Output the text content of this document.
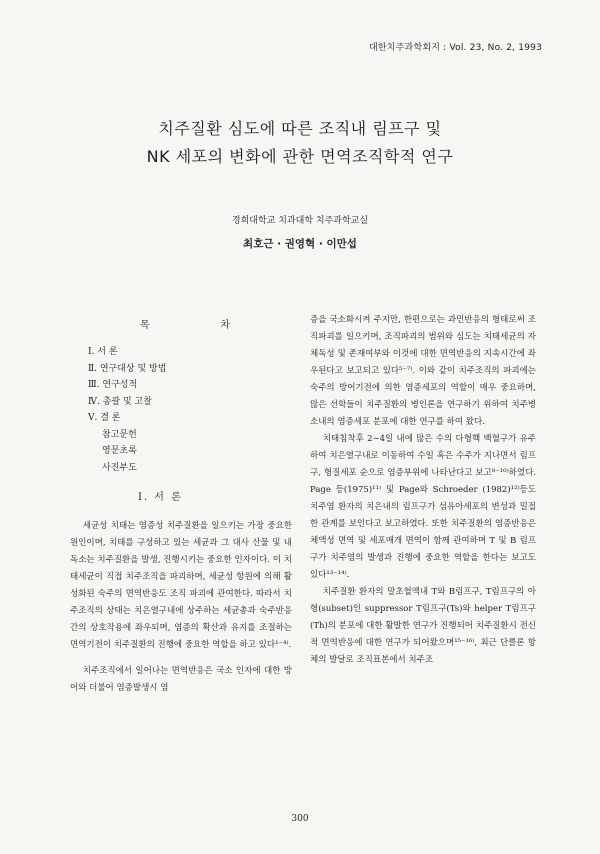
대한치주과학회지 : Vol. 23, No. 2, 1993
치주질환 심도에 따른 조직내 림프구 및
NK 세포의 변화에 관한 면역조직학적 연구
경희대학교 치과대학 치주과학교실
최호근 · 권영혁 · 이만섭
목	차
Ⅰ. 서 론
Ⅱ. 연구대상 및 방법
Ⅲ. 연구성적
Ⅳ. 총괄 및 고찰
Ⅴ. 결 론
참고문헌
영문초록
사진부도
Ⅰ. 서 론

세균성 치태는 염증성 치주질환을 일으키는 가장 중요한 원인이며, 치태를 구성하고 있는 세균과 그 대사 산물 및 내독소는 치주질환을 발생, 진행시키는 중요한 인자이다. 이 치태세균이 직접 치주조직을 파괴하며, 세균성 항원에 의해 활성화된 숙주의 면역반응도 조직 파괴에 관여한다. 따라서 치주조직의 상태는 치은열구내에 상주하는 세균총과 숙주반응간의 상호작용에 좌우되며, 염증의 확산과 유지를 조절하는 면역기전이 치주질환의 진행에 중요한 역할을 하고 있다¹⁻⁴⁾.

치주조직에서 일어나는 면역반응은 국소 인자에 대한 방어와 더불어 염증발생시 염

증을 국소화시켜 주지만, 한편으로는 과민반응의 형태로써 조직파괴를 일으키며, 조직파괴의 범위와 심도는 치태세균의 자체독성 및 존재여부와 이것에 대한 면역반응의 지속시간에 좌우된다고 보고되고 있다⁵⁻⁷⁾. 이와 같이 치주조직의 파괴에는 숙주의 방어기전에 의한 염증세포의 역할이 매우 중요하며, 많은 선학들이 치주질환의 병인론을 연구하기 위하여 치주병소내의 염증세포 분포에 대한 연구를 하여 왔다.

치태침착후 2∼4일 내에 많은 수의 다형핵 백혈구가 유주하여 치은열구내로 이동하여 수일 혹은 수주가 지나면서 림프구, 형질세포 순으로 염증부위에 나타난다고 보고⁸⁻¹⁰⁾하였다. Page 등(1975)¹¹⁾ 및 Page와 Schroeder (1982)¹²⁾등도 치주염 환자의 치은내의 림프구가 섬유아세포의 변성과 밀접한 관계를 보인다고 보고하였다. 또한 치주질환의 염증반응은 체액성 면역 및 세포매개 면역이 함께 관여하며 T 및 B 림프구가 치주염의 발생과 진행에 중요한 역할을 한다는 보고도 있다¹³⁻¹⁴⁾.

치주질환 환자의 말초혈액내 T와 B림프구, T림프구의 아형(subset)인 suppressor T림프구(Ts)와 helper T림프구(Th)의 분포에 대한 활발한 연구가 진행되어 치주질환시 전신적 면역반응에 대한 연구가 되어왔으며¹⁵⁻¹⁶⁾, 최근 단클론 항체의 발달로 조직표본에서 치주조

300
